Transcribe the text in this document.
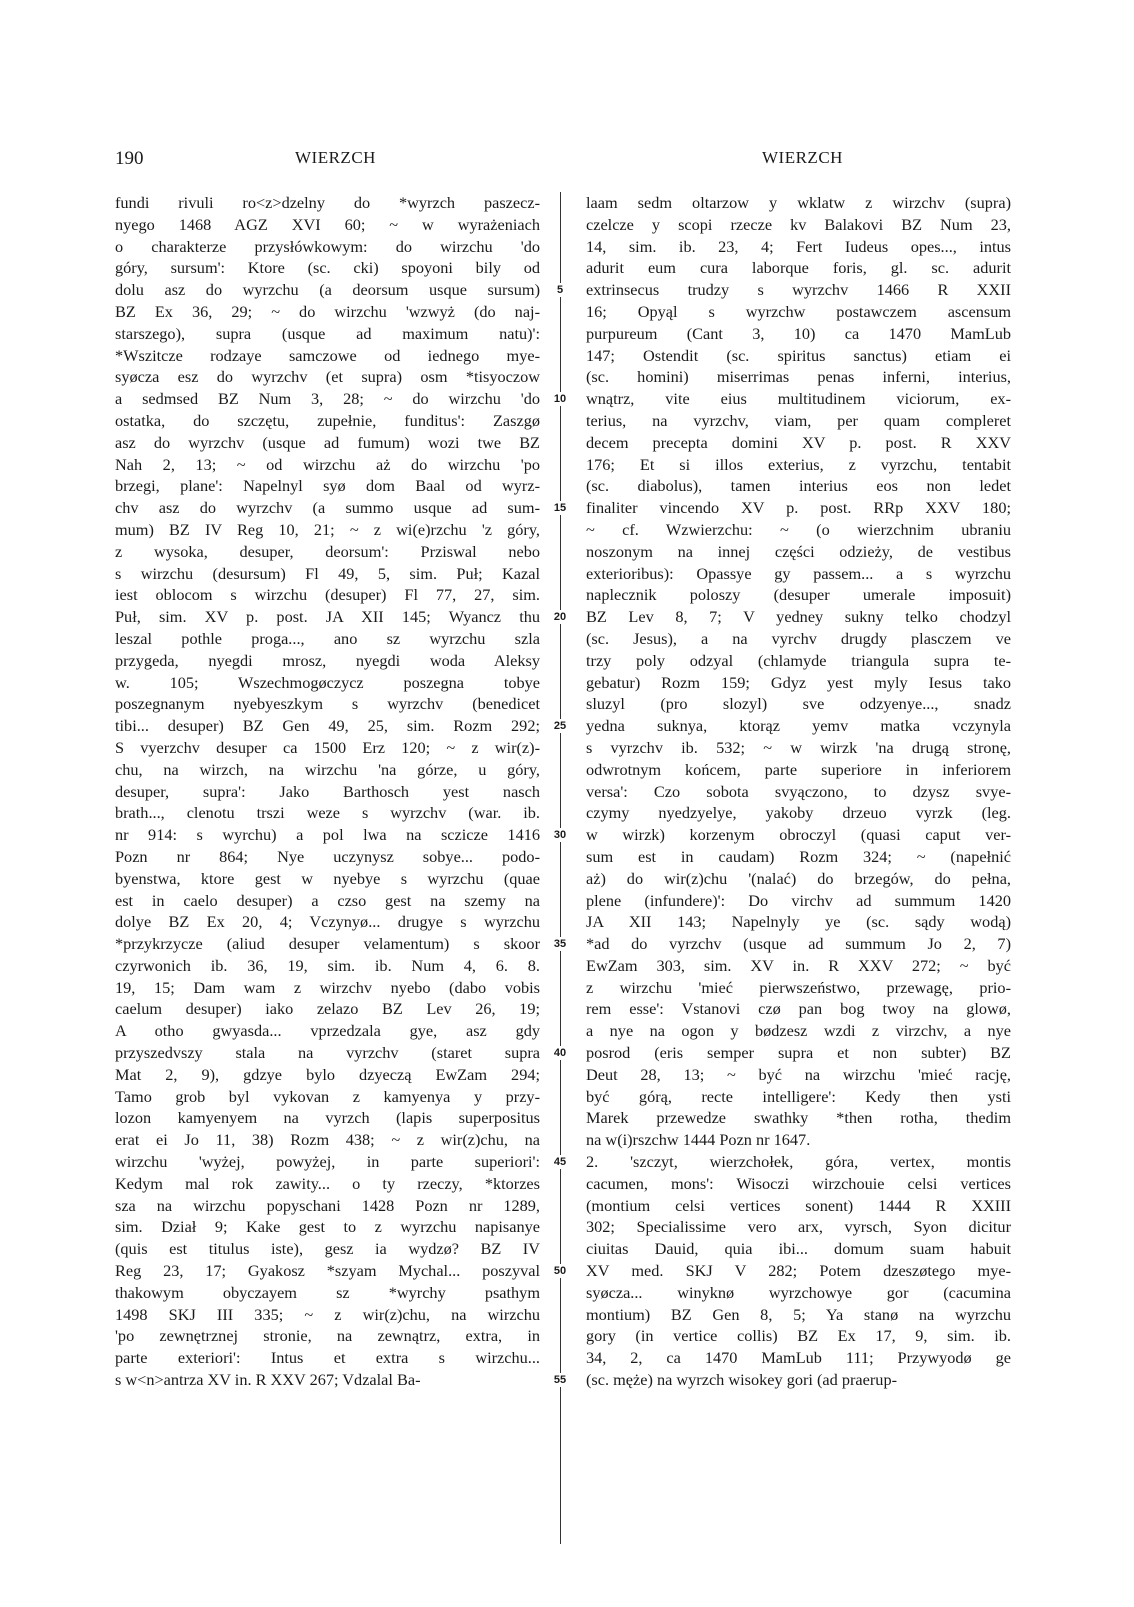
190	WIERZCH	WIERZCH
fundi rivuli ro<z>dzelny do *wyrzch paszecz-
nyego 1468 AGZ XVI 60; ~ w wyrażeniach
o charakterze przysłówkowym: do wirzchu 'do
góry, sursum': Ktore (sc. cki) spoyoni bily od
dolu asz do wyrzchu (a deorsum usque sursum)
BZ Ex 36, 29; ~ do wirzchu 'wzwyż (do naj-
starszego), supra (usque ad maximum natu)':
*Wszitcze rodzaye samczowe od iednego mye-
syøcza esz do wyrzchv (et supra) osm *tisyoczow
a sedmsed BZ Num 3, 28; ~ do wirzchu 'do
ostatka, do szczętu, zupełnie, funditus': Zaszgø
asz do wyrzchv (usque ad fumum) wozi twe BZ
Nah 2, 13; ~ od wirzchu aż do wirzchu 'po
brzegi, plane': Napelnyl syø dom Baal od wyrz-
chv asz do wyrzchv (a summo usque ad sum-
mum) BZ IV Reg 10, 21; ~ z wi(e)rzchu 'z góry,
z wysoka, desuper, deorsum': Prziswal nebo
s wirzchu (desursum) Fl 49, 5, sim. Puł; Kazal
iest oblocom s wirzchu (desuper) Fl 77, 27, sim.
Puł, sim. XV p. post. JA XII 145; Wyancz thu
leszal pothle proga..., ano sz wyrzchu szla
przygeda, nyegdi mrosz, nyegdi woda Aleksy
w. 105; Wszechmogøczycz poszegna tobye
poszegnanym nyebyeszkym s wyrzchv (benedicet
tibi... desuper) BZ Gen 49, 25, sim. Rozm 292;
S vyerzchv desuper ca 1500 Erz 120; ~ z wir(z)-
chu, na wirzch, na wirzchu 'na górze, u góry,
desuper, supra': Jako Barthosch yest nasch
brath..., clenotu trszi weze s wyrzchv (war. ib.
nr 914: s wyrchu) a pol lwa na sczicze 1416
Pozn nr 864; Nye uczynysz sobye... podo-
byenstwa, ktore gest w nyebye s wyrzchu (quae
est in caelo desuper) a czso gest na szemy na
dolye BZ Ex 20, 4; Vczynyø... drugye s wyrzchu
*przykrzycze (aliud desuper velamentum) s skoor
czyrwonich ib. 36, 19, sim. ib. Num 4, 6. 8.
19, 15; Dam wam z wirzchv nyebo (dabo vobis
caelum desuper) iako zelazo BZ Lev 26, 19;
A otho gwyasda... vprzedzala gye, asz gdy
przyszedvszy stala na vyrzchv (staret supra
Mat 2, 9), gdzye bylo dzyeczą EwZam 294;
Tamo grob byl vykovan z kamyenya y przy-
lozon kamyenyem na vyrzch (lapis superpositus
erat ei Jo 11, 38) Rozm 438; ~ z wir(z)chu, na
wirzchu 'wyżej, powyżej, in parte superiori':
Kedym mal rok zawity... o ty rzeczy, *ktorzes
sza na wirzchu popyschani 1428 Pozn nr 1289,
sim. Dział 9; Kake gest to z wyrzchu napisanye
(quis est titulus iste), gesz ia wydzø? BZ IV
Reg 23, 17; Gyakosz *szyam Mychal... poszyval
thakowym obyczayem sz *wyrchy psathym
1498 SKJ III 335; ~ z wir(z)chu, na wirzchu
'po zewnętrznej stronie, na zewnątrz, extra, in
parte exteriori': Intus et extra s wirzchu...
s w<n>antrza XV in. R XXV 267; Vdzalal Ba-
5
10
15
20
25
30
35
40
45
50
55
laam sedm oltarzow y wklatw z wirzchv (supra)
czelcze y scopi rzecze kv Balakovi BZ Num 23,
14, sim. ib. 23, 4; Fert Iudeus opes..., intus
adurit eum cura laborque foris, gl. sc. adurit
extrinsecus trudzy s wyrzchv 1466 R XXII
16; Opyąl s wyrzchw postawczem ascensum
purpureum (Cant 3, 10) ca 1470 MamLub
147; Ostendit (sc. spiritus sanctus) etiam ei
(sc. homini) miserrimas penas inferni, interius,
wnątrz, vite eius multitudinem viciorum, ex-
terius, na vyrzchv, viam, per quam compleret
decem precepta domini XV p. post. R XXV
176; Et si illos exterius, z vyrzchu, tentabit
(sc. diabolus), tamen interius eos non ledet
finaliter vincendo XV p. post. RRp XXV 180;
~ cf. Wzwierzchu: ~ (o wierzchnim ubraniu
noszonym na innej części odzieży, de vestibus
exterioribus): Opassye gy passem... a s wyrzchu
naplecznik poloszy (desuper umerale imposuit)
BZ Lev 8, 7; V yedney sukny telko chodzyl
(sc. Jesus), a na vyrchv drugdy plasczem ve
trzy poly odzyal (chlamyde triangula supra te-
gebatur) Rozm 159; Gdyz yest myly Iesus tako
sluzyl (pro slozyl) sve odzyenye..., snadz
yedna suknya, ktorąz yemv matka vczynyla
s vyrzchv ib. 532; ~ w wirzk 'na drugą stronę,
odwrotnym końcem, parte superiore in inferiorem
versa': Czo sobota svyączono, to dzysz svye-
czymy nyedzyelye, yakoby drzeuo vyrzk (leg.
w wirzk) korzenym obroczyl (quasi caput ver-
sum est in caudam) Rozm 324; ~ (napełnić
aż) do wir(z)chu '(nalać) do brzegów, do pełna,
plene (infundere)': Do virchv ad summum 1420
JA XII 143; Napelnyly ye (sc. sądy wodą)
*ad do vyrzchv (usque ad summum Jo 2, 7)
EwZam 303, sim. XV in. R XXV 272; ~ być
z wirzchu 'mieć pierwszeństwo, przewagę, prio-
rem esse': Vstanovi czø pan bog twoy na glowø,
a nye na ogon y bødzesz wzdi z virzchv, a nye
posrod (eris semper supra et non subter) BZ
Deut 28, 13; ~ być na wirzchu 'mieć rację,
być górą, recte intelligere': Kedy then ysti
Marek przewedze swathky *then rotha, thedim
na w(i)rszchw 1444 Pozn nr 1647.
2. 'szczyt, wierzchołek, góra, vertex, montis
cacumen, mons': Wisoczi wirzchouie celsi vertices
(montium celsi vertices sonent) 1444 R XXIII
302; Specialissime vero arx, vyrsch, Syon dicitur
ciuitas Dauid, quia ibi... domum suam habuit
XV med. SKJ V 282; Potem dzeszøtego mye-
syøcza... winyknø wyrzchowye gor (cacumina
montium) BZ Gen 8, 5; Ya stanø na wyrzchu
gory (in vertice collis) BZ Ex 17, 9, sim. ib.
34, 2, ca 1470 MamLub 111; Przywyodø ge
(sc. męże) na wyrzch wisokey gori (ad praerup-
